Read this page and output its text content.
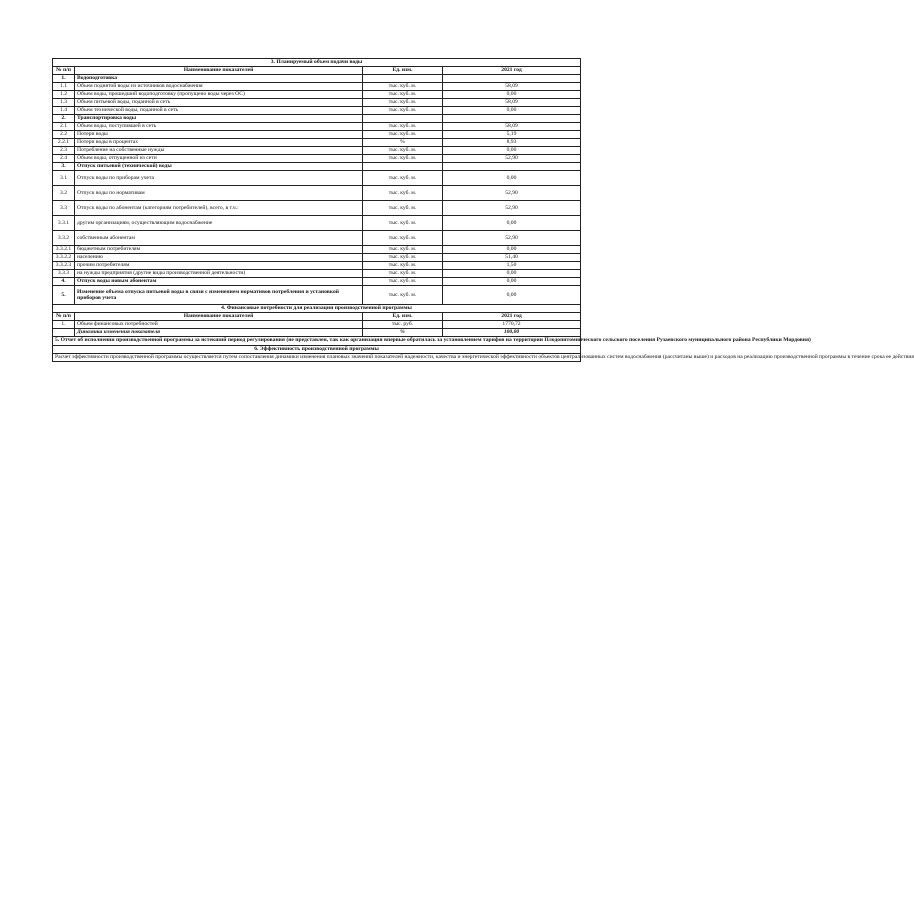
3. Планируемый объем подачи воды			
№ п/п	Наименование показателей	Ед. изм.	2021 год
1.	Водоподготовка		
1.1	Объем поднятой воды из источников водоснабжения	тыс. куб. м.	58,09
1.2	Объем воды, прошедший водоподготовку (пропущено воды через ОС)	тыс. куб. м.	0,00
1.3	Объем питьевой воды, поданной в сеть	тыс. куб. м.	58,09
1.4	Объем технической воды, поданной в сеть	тыс. куб. м.	0,00
2.	Транспортировка воды		
2.1	Объем воды, поступившей в сеть	тыс. куб. м.	58,09
2.2	Потери воды	тыс. куб. м.	5,19
2.2.1	Потери воды в процентах	%	8,93
2.3	Потребление на собственные нужды	тыс. куб. м.	0,00
2.4	Объем воды, отпущенной из сети	тыс. куб. м.	52,90
3.	Отпуск питьевой (технической) воды		
3.1	Отпуск воды по приборам учета	тыс. куб. м.	0,00
3.2	Отпуск воды по нормативам	тыс. куб. м.	52,90
3.3	Отпуск воды по абонентам (категориям потребителей), всего, в т.ч.:	тыс. куб. м.	52,90
3.3.1	другим организациям, осуществляющим водоснабжение	тыс. куб. м.	0,00
3.3.2	собственным абонентам	тыс. куб. м.	52,90
3.3.2.1	бюджетным потребителям	тыс. куб. м.	0,00
3.3.2.2	населению	тыс. куб. м.	51,40
3.3.2.3	прочим потребителям	тыс. куб. м.	1,50
3.3.3	на нужды предприятия (другие виды производственной деятельности)	тыс. куб. м.	0,00
4.	Отпуск воды новым абонентам	тыс. куб. м.	0,00
5.	Изменение объема отпуска питьевой воды в связи с изменением нормативов потребления и установкой приборов учета	тыс. куб. м.	0,00
4. Финансовые потребности для реализации производственной программы			
№ п/п	Наименование показателей	Ед. изм.	2021 год
1.	Объем финансовых потребностей	тыс. руб.	1770,72
	Динамика изменения показателя	%	100,00
5. Отчет об исполнении производственной программы за истекший период регулирования (не представлен, так как организация впервые обратилась за установлением тарифов на территории Плодопитомнического сельского поселения Рузаевского муниципального района Республики Мордовия)			
6. Эффективность производственной программы			
Расчет эффективности производственной программы осуществляется путем сопоставления динамики изменения плановых значений показателей надежности, качества и энергетической эффективности объектов централизованных систем водоснабжения (рассчитаны выше) и расходов на реализацию производственной программы в течение срока ее действия			
